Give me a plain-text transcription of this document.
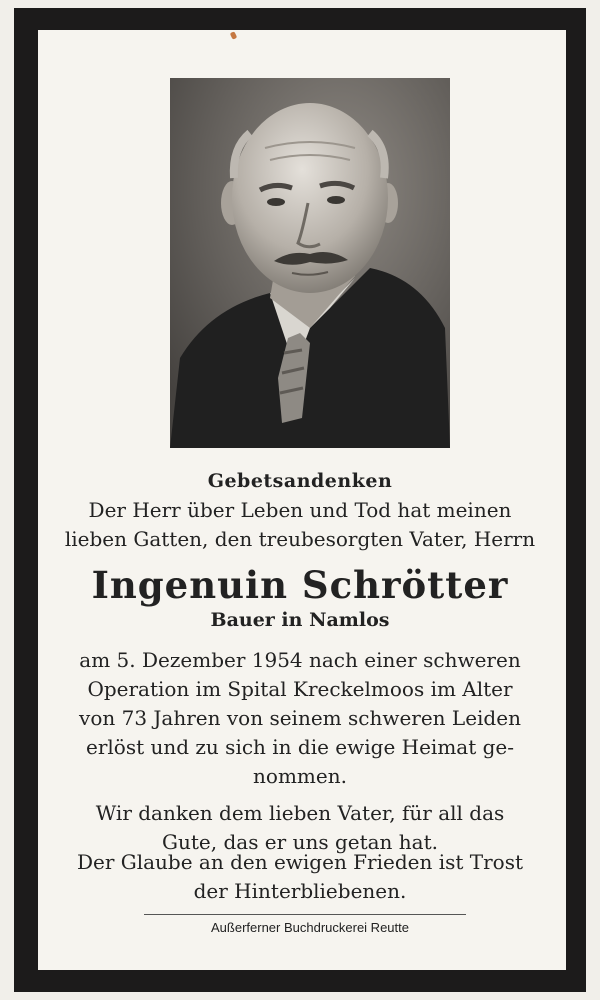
Gebetsandenken
Der Herr über Leben und Tod hat meinen
lieben Gatten, den treubesorgten Vater, Herrn
Ingenuin Schrötter
Bauer in Namlos
am 5. Dezember 1954 nach einer schweren
Operation im Spital Kreckelmoos im Alter
von 73 Jahren von seinem schweren Leiden
erlöst und zu sich in die ewige Heimat ge-
nommen.
Wir danken dem lieben Vater, für all das
Gute, das er uns getan hat.
Der Glaube an den ewigen Frieden ist Trost
der Hinterbliebenen.
Außerferner Buchdruckerei Reutte
